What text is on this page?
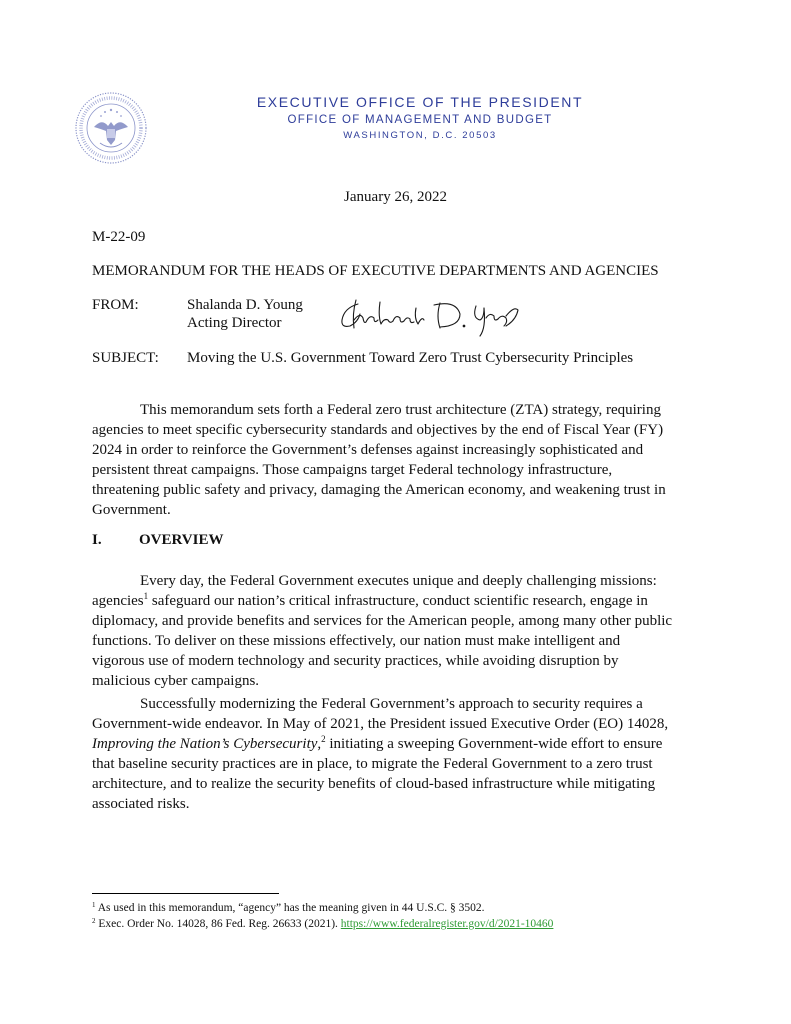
EXECUTIVE OFFICE OF THE PRESIDENT
OFFICE OF MANAGEMENT AND BUDGET
WASHINGTON, D.C. 20503
January 26, 2022
M-22-09
MEMORANDUM FOR THE HEADS OF EXECUTIVE DEPARTMENTS AND AGENCIES
FROM:	Shalanda D. Young
Acting Director
SUBJECT: Moving the U.S. Government Toward Zero Trust Cybersecurity Principles
This memorandum sets forth a Federal zero trust architecture (ZTA) strategy, requiring
agencies to meet specific cybersecurity standards and objectives by the end of Fiscal Year (FY)
2024 in order to reinforce the Government’s defenses against increasingly sophisticated and
persistent threat campaigns. Those campaigns target Federal technology infrastructure,
threatening public safety and privacy, damaging the American economy, and weakening trust in
Government.
I. OVERVIEW
Every day, the Federal Government executes unique and deeply challenging missions:
agencies$^1$ safeguard our nation’s critical infrastructure, conduct scientific research, engage in
diplomacy, and provide benefits and services for the American people, among many other public
functions. To deliver on these missions effectively, our nation must make intelligent and
vigorous use of modern technology and security practices, while avoiding disruption by
malicious cyber campaigns.
Successfully modernizing the Federal Government’s approach to security requires a
Government-wide endeavor. In May of 2021, the President issued Executive Order (EO) 14028,
Improving the Nation’s Cybersecurity,$^2$ initiating a sweeping Government-wide effort to ensure
that baseline security practices are in place, to migrate the Federal Government to a zero trust
architecture, and to realize the security benefits of cloud-based infrastructure while mitigating
associated risks.
$^1$ As used in this memorandum, “agency” has the meaning given in 44 U.S.C. § 3502.
$^2$ Exec. Order No. 14028, 86 Fed. Reg. 26633 (2021). https://www.federalregister.gov/d/2021-10460
